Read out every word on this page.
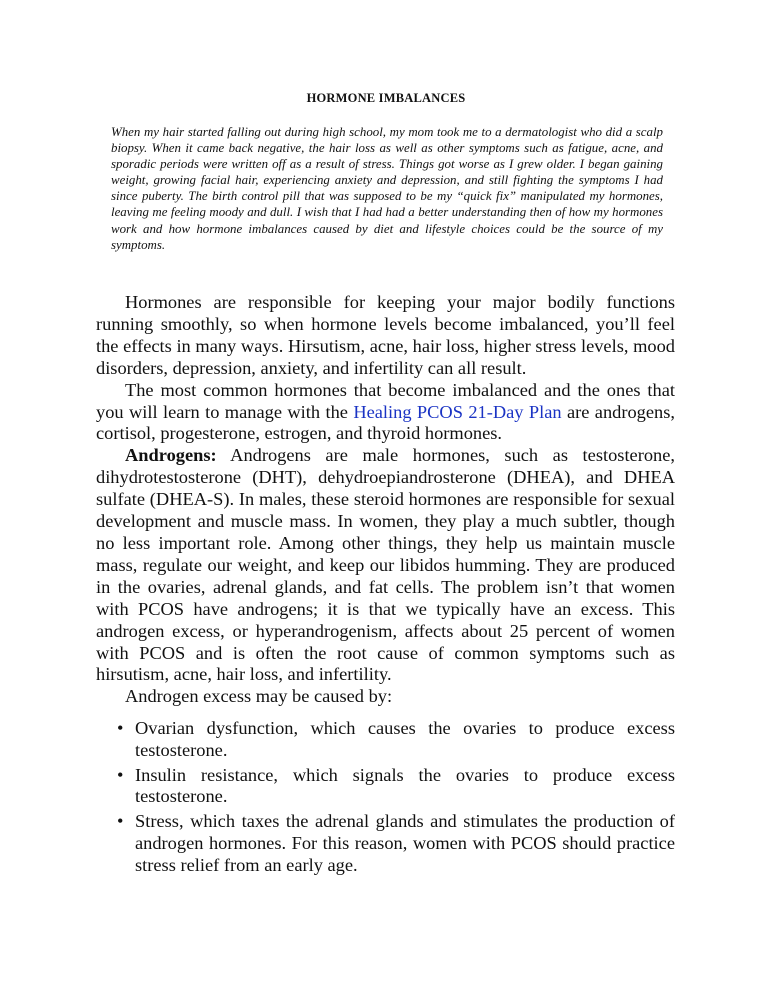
HORMONE IMBALANCES
When my hair started falling out during high school, my mom took me to a dermatologist who did a scalp biopsy. When it came back negative, the hair loss as well as other symptoms such as fatigue, acne, and sporadic periods were written off as a result of stress. Things got worse as I grew older. I began gaining weight, growing facial hair, experiencing anxiety and depression, and still fighting the symptoms I had since puberty. The birth control pill that was supposed to be my “quick fix” manipulated my hormones, leaving me feeling moody and dull. I wish that I had had a better understanding then of how my hormones work and how hormone imbalances caused by diet and lifestyle choices could be the source of my symptoms.

Hormones are responsible for keeping your major bodily functions running smoothly, so when hormone levels become imbalanced, you’ll feel the effects in many ways. Hirsutism, acne, hair loss, higher stress levels, mood disorders, depression, anxiety, and infertility can all result.

The most common hormones that become imbalanced and the ones that you will learn to manage with the Healing PCOS 21-Day Plan are androgens, cortisol, progesterone, estrogen, and thyroid hormones.

Androgens: Androgens are male hormones, such as testosterone, dihydrotestosterone (DHT), dehydroepiandrosterone (DHEA), and DHEA sulfate (DHEA-S). In males, these steroid hormones are responsible for sexual development and muscle mass. In women, they play a much subtler, though no less important role. Among other things, they help us maintain muscle mass, regulate our weight, and keep our libidos humming. They are produced in the ovaries, adrenal glands, and fat cells. The problem isn’t that women with PCOS have androgens; it is that we typically have an excess. This androgen excess, or hyperandrogenism, affects about 25 percent of women with PCOS and is often the root cause of common symptoms such as hirsutism, acne, hair loss, and infertility.

Androgen excess may be caused by:

• Ovarian dysfunction, which causes the ovaries to produce excess testosterone.
• Insulin resistance, which signals the ovaries to produce excess testosterone.
• Stress, which taxes the adrenal glands and stimulates the production of androgen hormones. For this reason, women with PCOS should practice stress relief from an early age.
